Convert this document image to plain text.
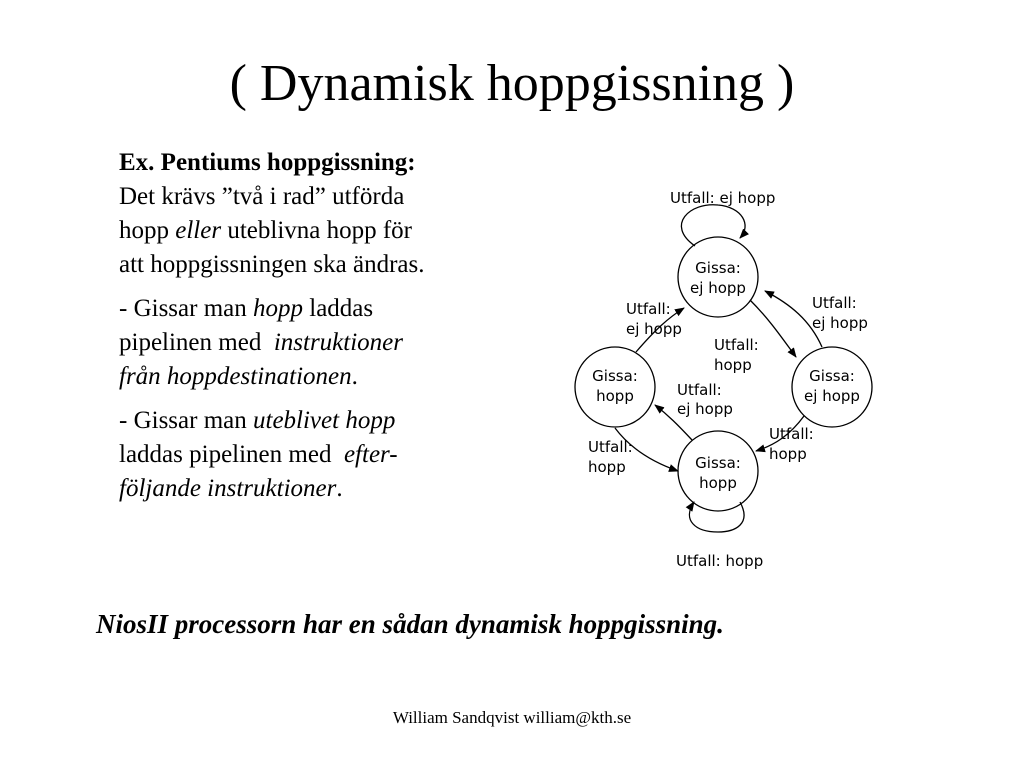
( Dynamisk hoppgissning )

Ex. Pentiums hoppgissning:
Det krävs ”två i rad” utförda
hopp eller uteblivna hopp för
att hoppgissningen ska ändras.

- Gissar man hopp laddas
pipelinen med  instruktioner
från hoppdestinationen.

- Gissar man uteblivet hopp
laddas pipelinen med  efter-
följande instruktioner.

Gissa:
ej hopp
Gissa:
hopp
Gissa:
ej hopp
Gissa:
hopp
Utfall: ej hopp
Utfall: hopp
Utfall:
ej hopp
Utfall:
hopp
Utfall:
ej hopp
Utfall:
ej hopp
Utfall:
hopp
Utfall:
hopp
NiosII processorn har en sådan dynamisk hoppgissning.
William Sandqvist william@kth.se
